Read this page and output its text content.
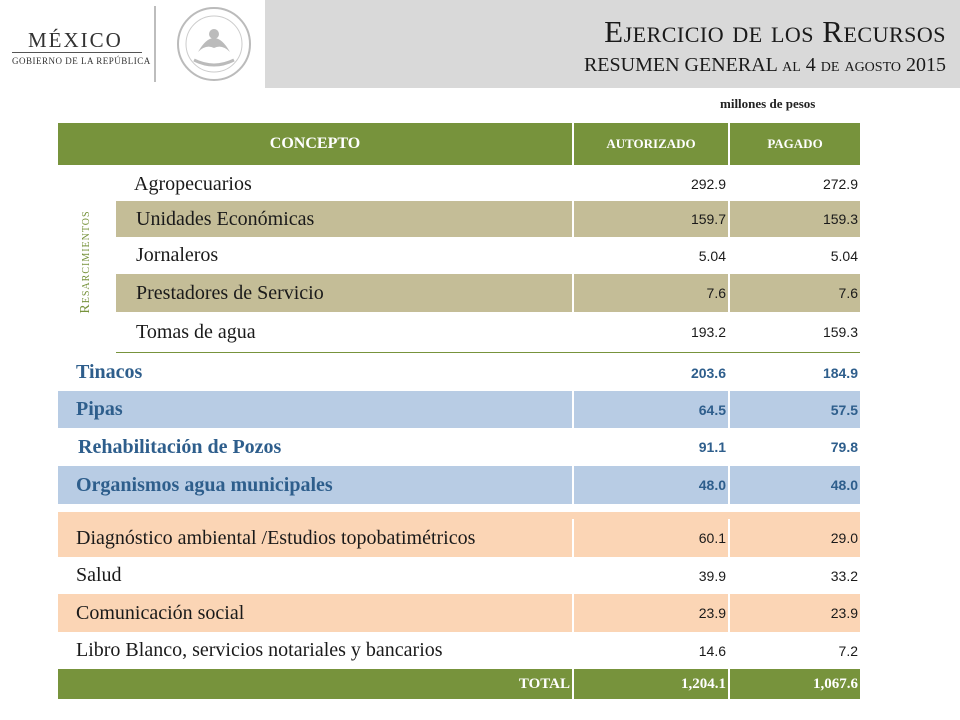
MÉXICO
GOBIERNO DE LA REPÚBLICA
Ejercicio de los Recursos
RESUMEN GENERAL al 4 de agosto 2015
millones de pesos
CONCEPTO	AUTORIZADO	PAGADO
Resarcimientos
Agropecuarios	292.9	272.9
Unidades Económicas	159.7	159.3
Jornaleros	5.04	5.04
Prestadores de Servicio	7.6	7.6
Tomas de agua	193.2	159.3
Tinacos	203.6	184.9
Pipas	64.5	57.5
Rehabilitación de Pozos	91.1	79.8
Organismos agua municipales	48.0	48.0
Diagnóstico ambiental /Estudios topobatimétricos	60.1	29.0
Salud	39.9	33.2
Comunicación social	23.9	23.9
Libro Blanco, servicios notariales y bancarios	14.6	7.2
TOTAL	1,204.1	1,067.6
